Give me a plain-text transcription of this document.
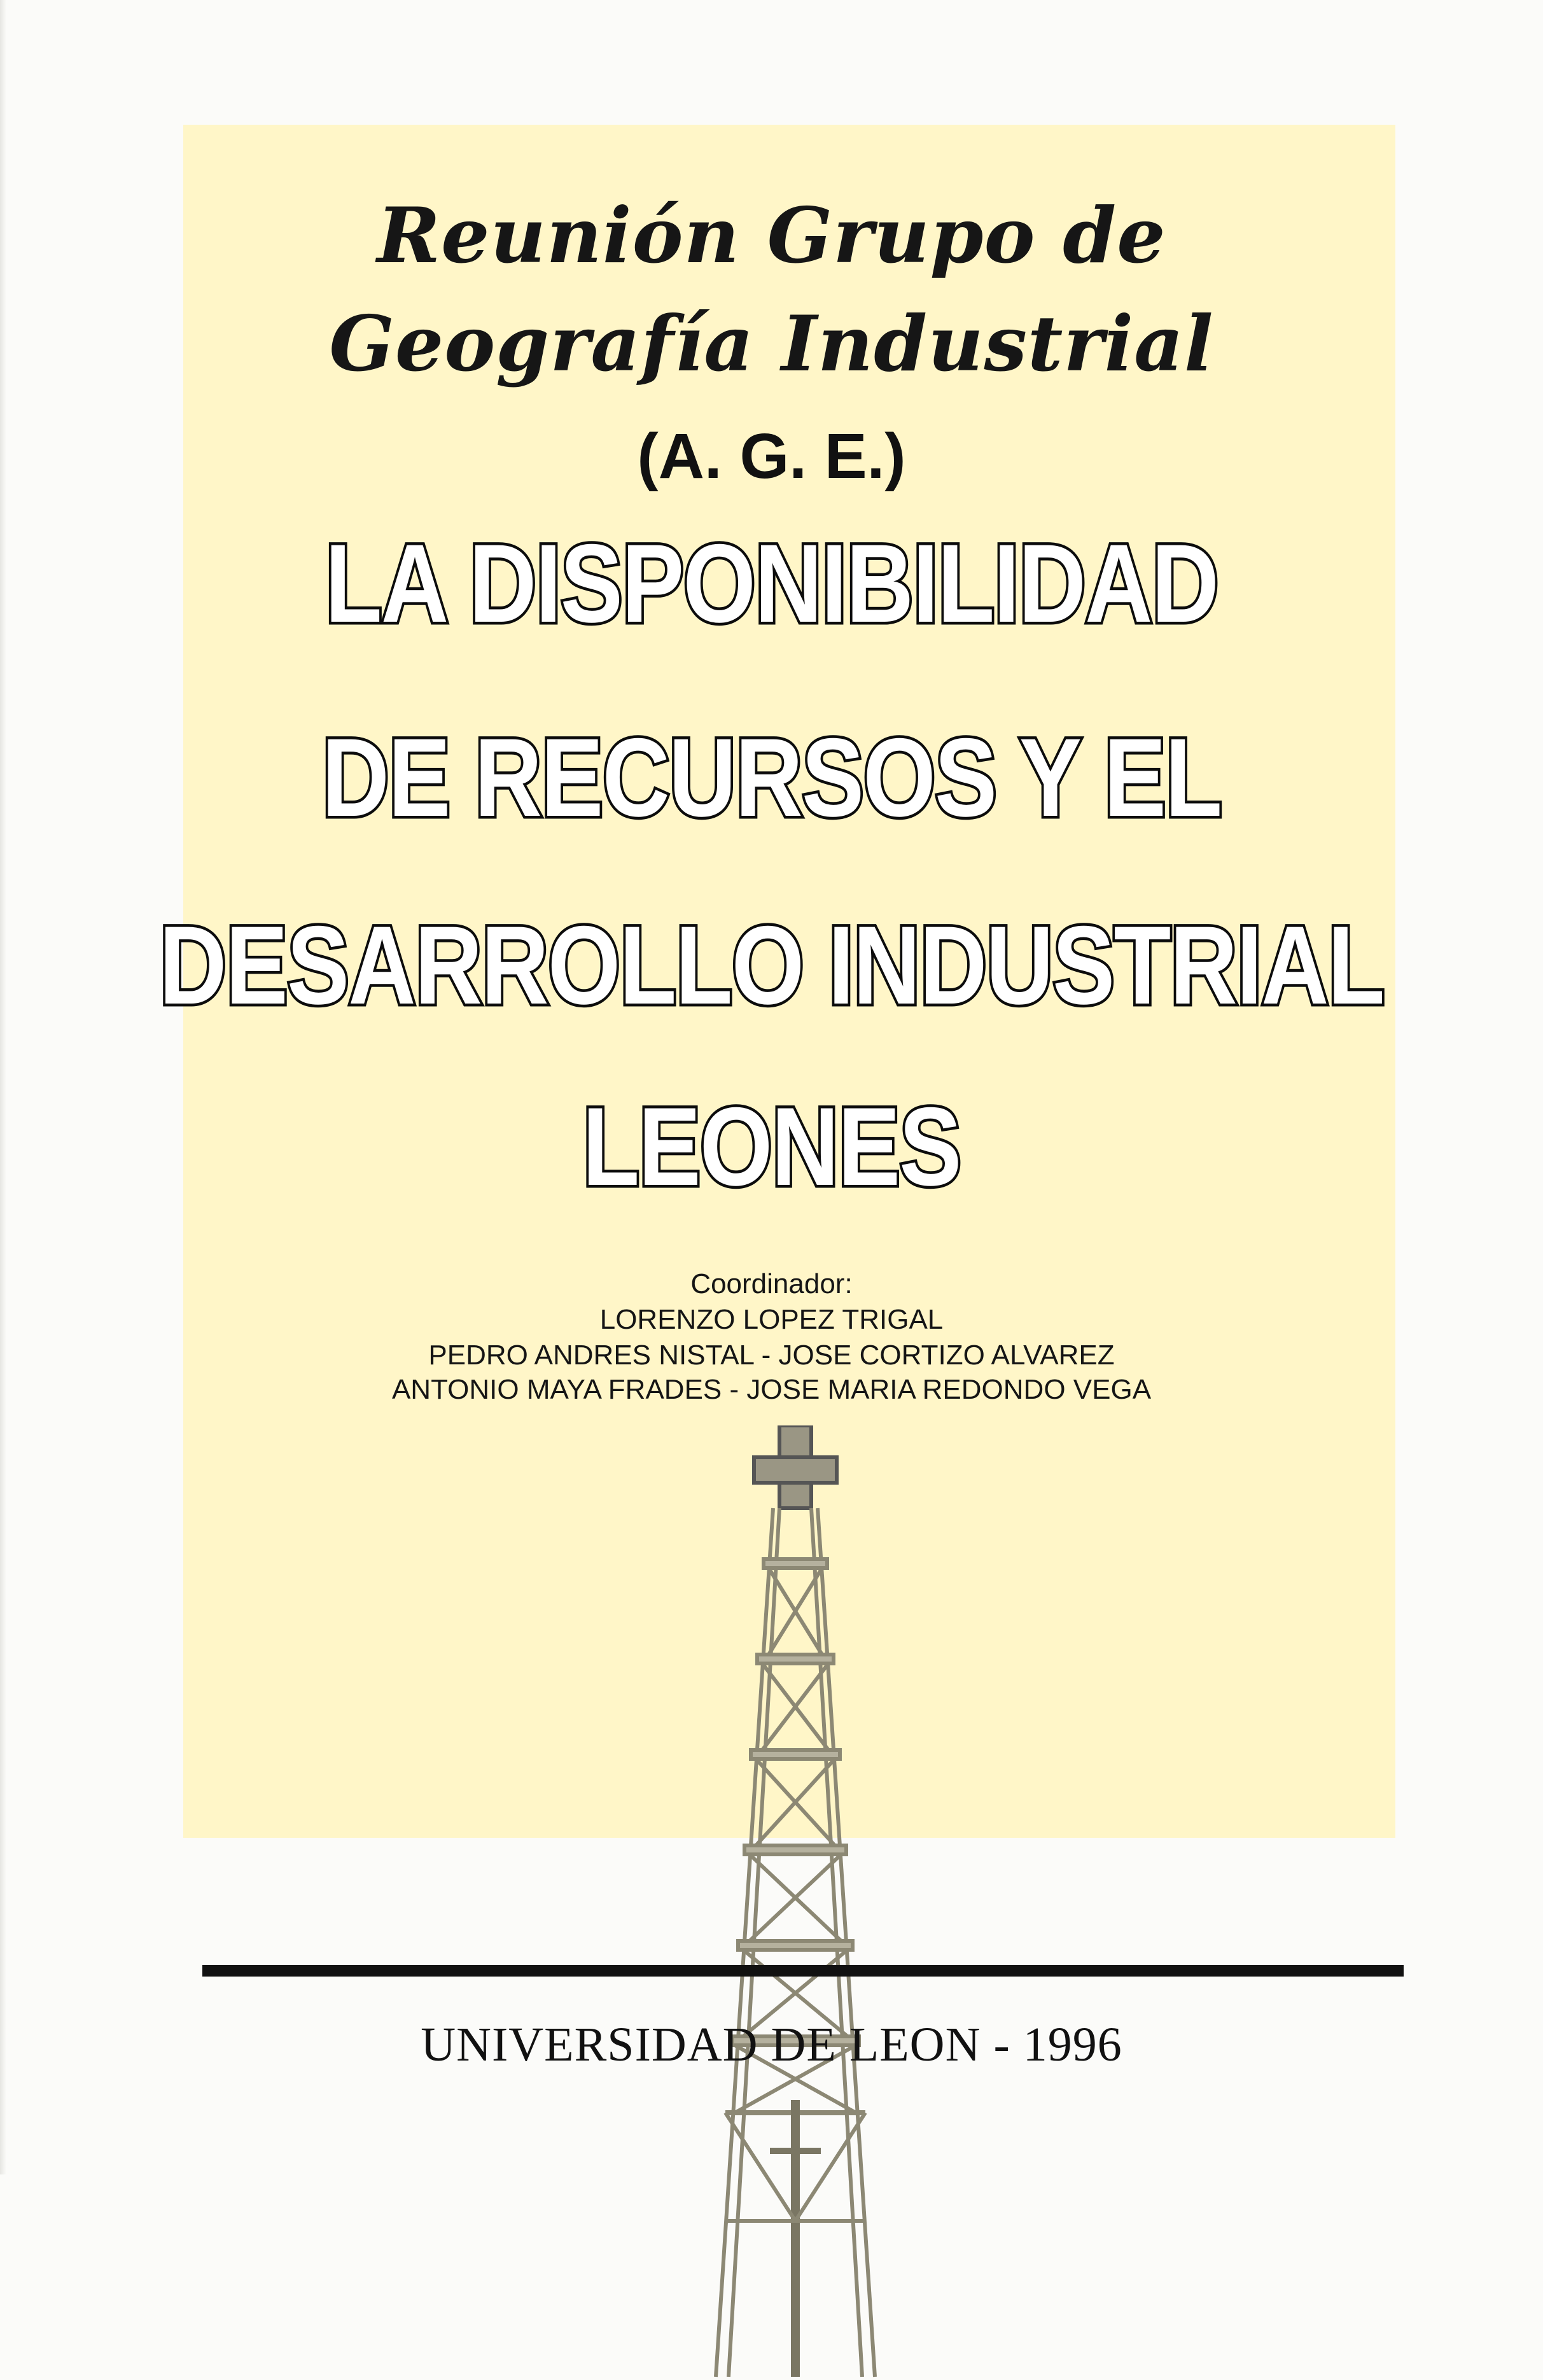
Reunión Grupo de
Geografía Industrial
(A. G. E.)
LA DISPONIBILIDAD
DE RECURSOS Y EL
DESARROLLO INDUSTRIAL
LEONES
Coordinador:
LORENZO LOPEZ TRIGAL
PEDRO ANDRES NISTAL - JOSE CORTIZO ALVAREZ
ANTONIO MAYA FRADES - JOSE MARIA REDONDO VEGA
UNIVERSIDAD DE LEON - 1996
